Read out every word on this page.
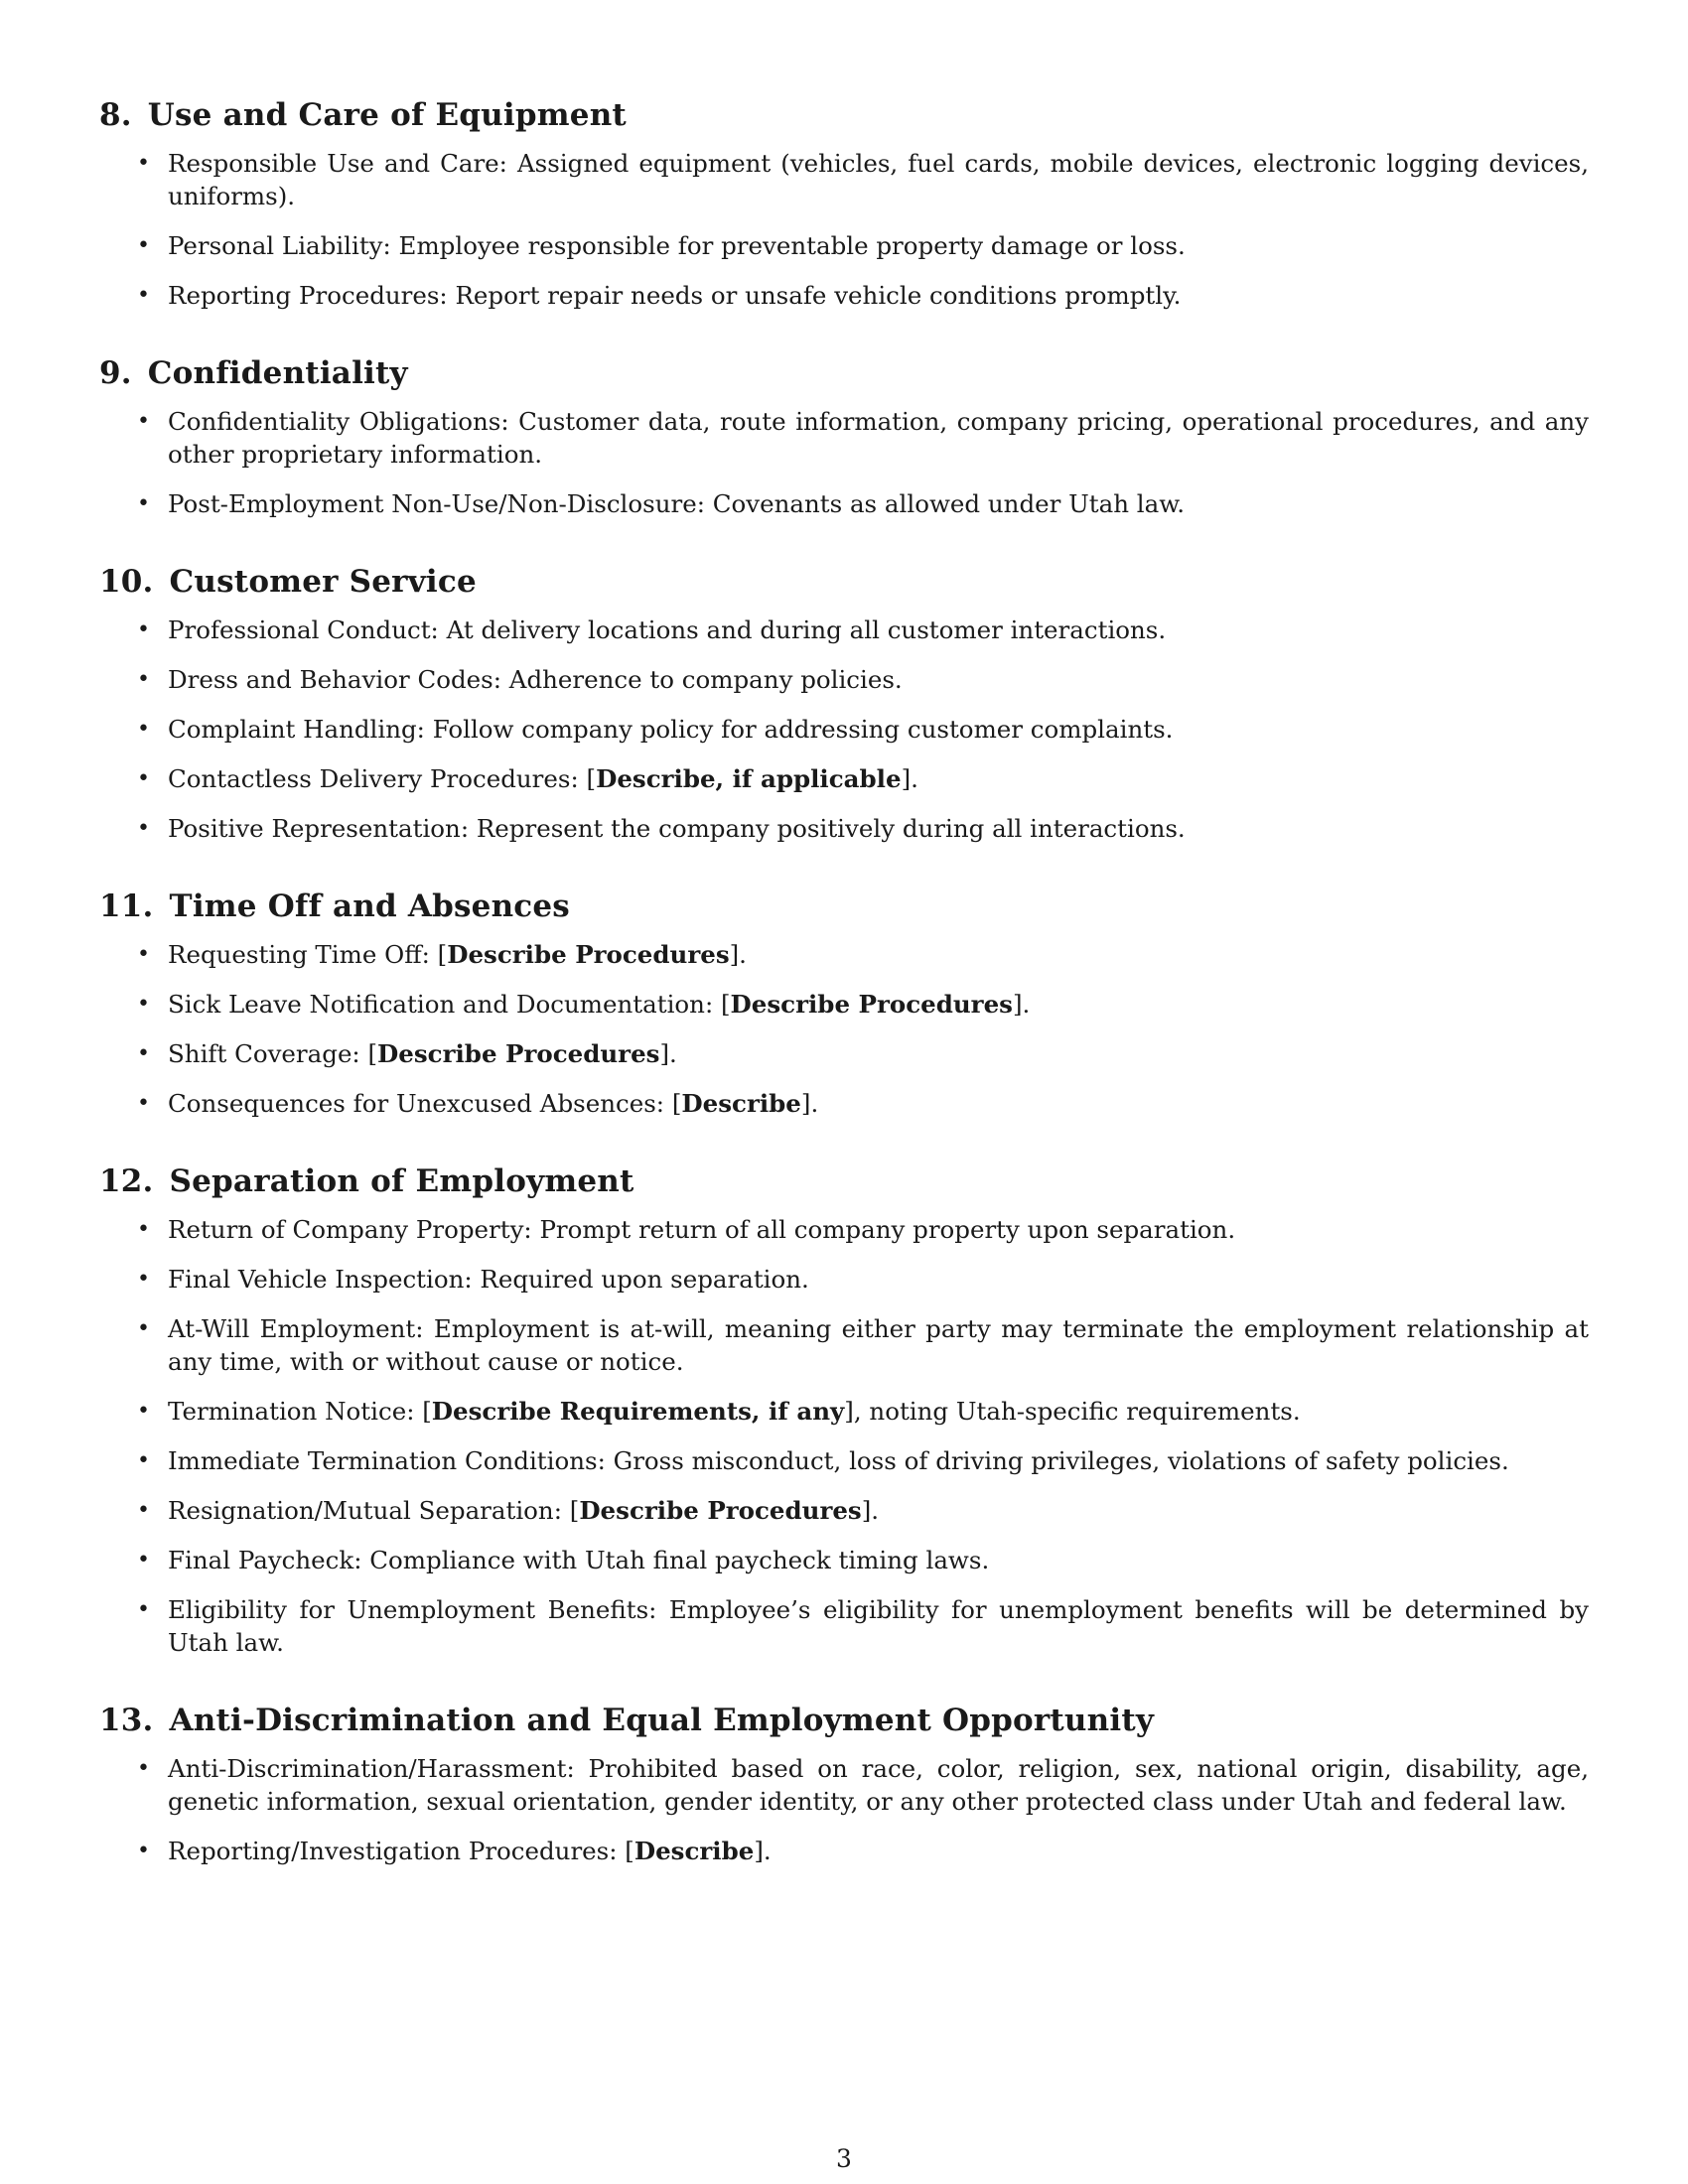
8. Use and Care of Equipment
• Responsible Use and Care: Assigned equipment (vehicles, fuel cards, mobile devices, electronic logging devices, uniforms).
• Personal Liability: Employee responsible for preventable property damage or loss.
• Reporting Procedures: Report repair needs or unsafe vehicle conditions promptly.
9. Confidentiality
• Confidentiality Obligations: Customer data, route information, company pricing, operational procedures, and any other proprietary information.
• Post-Employment Non-Use/Non-Disclosure: Covenants as allowed under Utah law.
10. Customer Service
• Professional Conduct: At delivery locations and during all customer interactions.
• Dress and Behavior Codes: Adherence to company policies.
• Complaint Handling: Follow company policy for addressing customer complaints.
• Contactless Delivery Procedures: [Describe, if applicable].
• Positive Representation: Represent the company positively during all interactions.
11. Time Off and Absences
• Requesting Time Off: [Describe Procedures].
• Sick Leave Notification and Documentation: [Describe Procedures].
• Shift Coverage: [Describe Procedures].
• Consequences for Unexcused Absences: [Describe].
12. Separation of Employment
• Return of Company Property: Prompt return of all company property upon separation.
• Final Vehicle Inspection: Required upon separation.
• At-Will Employment: Employment is at-will, meaning either party may terminate the employment relationship at any time, with or without cause or notice.
• Termination Notice: [Describe Requirements, if any], noting Utah-specific requirements.
• Immediate Termination Conditions: Gross misconduct, loss of driving privileges, violations of safety policies.
• Resignation/Mutual Separation: [Describe Procedures].
• Final Paycheck: Compliance with Utah final paycheck timing laws.
• Eligibility for Unemployment Benefits: Employee’s eligibility for unemployment benefits will be determined by Utah law.
13. Anti-Discrimination and Equal Employment Opportunity
• Anti-Discrimination/Harassment: Prohibited based on race, color, religion, sex, national origin, disability, age, genetic information, sexual orientation, gender identity, or any other protected class under Utah and federal law.
• Reporting/Investigation Procedures: [Describe].
3
